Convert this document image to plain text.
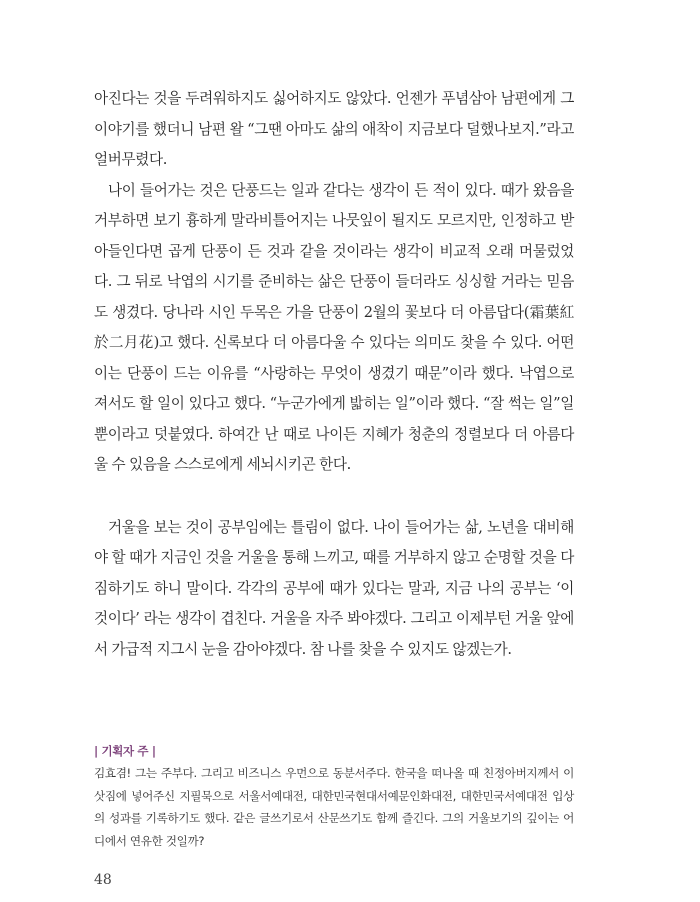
아진다는 것을 두려워하지도 싫어하지도 않았다. 언젠가 푸념삼아 남편에게 그 이야기를 했더니 남편 왈 “그땐 아마도 삶의 애착이 지금보다 덜했나보지.”라고 얼버무렸다.

나이 들어가는 것은 단풍드는 일과 같다는 생각이 든 적이 있다. 때가 왔음을 거부하면 보기 흉하게 말라비틀어지는 나뭇잎이 될지도 모르지만, 인정하고 받아들인다면 곱게 단풍이 든 것과 같을 것이라는 생각이 비교적 오래 머물렀었다. 그 뒤로 낙엽의 시기를 준비하는 삶은 단풍이 들더라도 싱싱할 거라는 믿음도 생겼다. 당나라 시인 두목은 가을 단풍이 2월의 꽃보다 더 아름답다(霜葉紅於二月花)고 했다. 신록보다 더 아름다울 수 있다는 의미도 찾을 수 있다. 어떤 이는 단풍이 드는 이유를 “사랑하는 무엇이 생겼기 때문”이라 했다. 낙엽으로 져서도 할 일이 있다고 했다. “누군가에게 밟히는 일”이라 했다. “잘 썩는 일”일 뿐이라고 덧붙였다. 하여간 난 때로 나이든 지혜가 청춘의 정렬보다 더 아름다울 수 있음을 스스로에게 세뇌시키곤 한다.

거울을 보는 것이 공부임에는 틀림이 없다. 나이 들어가는 삶, 노년을 대비해야 할 때가 지금인 것을 거울을 통해 느끼고, 때를 거부하지 않고 순명할 것을 다짐하기도 하니 말이다. 각각의 공부에 때가 있다는 말과, 지금 나의 공부는 ‘이것이다’ 라는 생각이 겹친다. 거울을 자주 봐야겠다. 그리고 이제부턴 거울 앞에서 가급적 지그시 눈을 감아야겠다. 참 나를 찾을 수 있지도 않겠는가.

| 기획자 주 |

김효겸! 그는 주부다. 그리고 비즈니스 우먼으로 동분서주다. 한국을 떠나올 때 친정아버지께서 이삿짐에 넣어주신 지필묵으로 서울서예대전, 대한민국현대서예문인화대전, 대한민국서예대전 입상의 성과를 기록하기도 했다. 같은 글쓰기로서 산문쓰기도 함께 즐긴다. 그의 거울보기의 깊이는 어디에서 연유한 것일까?

48
